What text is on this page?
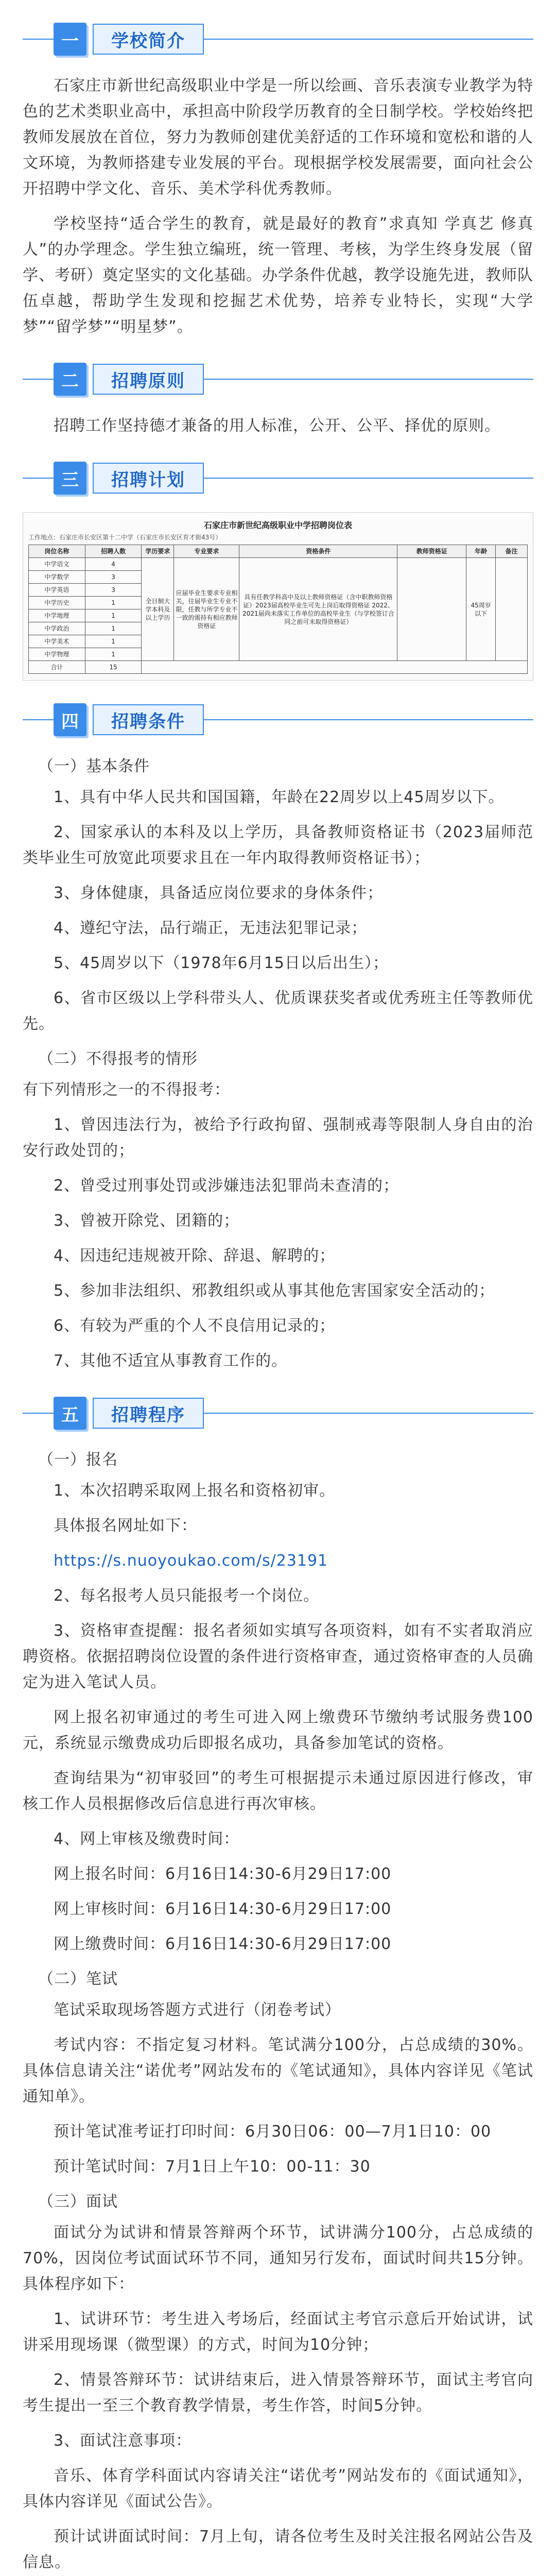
一	学校简介

石家庄市新世纪高级职业中学是一所以绘画、音乐表演专业教学为特色的艺术类职业高中，承担高中阶段学历教育的全日制学校。学校始终把教师发展放在首位，努力为教师创建优美舒适的工作环境和宽松和谐的人文环境，为教师搭建专业发展的平台。现根据学校发展需要，面向社会公开招聘中学文化、音乐、美术学科优秀教师。

学校坚持“适合学生的教育，就是最好的教育”求真知 学真艺 修真人”的办学理念。学生独立编班，统一管理、考核，为学生终身发展（留学、考研）奠定坚实的文化基础。办学条件优越，教学设施先进，教师队伍卓越，帮助学生发现和挖掘艺术优势，培养专业特长，实现“大学梦”“留学梦”“明星梦”。

二	招聘原则

招聘工作坚持德才兼备的用人标准，公开、公平、择优的原则。

三	招聘计划
石家庄市新世纪高级职业中学招聘岗位表
工作地点：石家庄市长安区第十二中学（石家庄市长安区育才街43号）
岗位名称	招聘人数	学历要求	专业要求	资格条件	教师资格证	年龄	备注
中学语文	4	全日制大学本科及以上学历	应届毕业生要求专业相关，往届毕业生专业不限，任教与所学专业不一致的需持有相应教师资格证	具有任教学科高中及以上教师资格证（含中职教师资格证）2023届高校毕业生可先上岗后取得资格证 2022、2021届尚未落实工作单位的高校毕业生（与学校签订合同之前可未取得资格证）		45周岁以下	
中学数学	3						
中学英语	3						
中学历史	1						
中学地理	1						
中学政治	1						
中学美术	1						
中学物理	1						
合计	15						
四	招聘条件

（一）基本条件

1、具有中华人民共和国国籍，年龄在22周岁以上45周岁以下。

2、国家承认的本科及以上学历，具备教师资格证书（2023届师范类毕业生可放宽此项要求且在一年内取得教师资格证书）；

3、身体健康，具备适应岗位要求的身体条件；

4、遵纪守法，品行端正，无违法犯罪记录；

5、45周岁以下（1978年6月15日以后出生）；

6、省市区级以上学科带头人、优质课获奖者或优秀班主任等教师优先。

（二）不得报考的情形

有下列情形之一的不得报考：

1、曾因违法行为，被给予行政拘留、强制戒毒等限制人身自由的治安行政处罚的；

2、曾受过刑事处罚或涉嫌违法犯罪尚未查清的；

3、曾被开除党、团籍的；

4、因违纪违规被开除、辞退、解聘的；

5、参加非法组织、邪教组织或从事其他危害国家安全活动的；

6、有较为严重的个人不良信用记录的；

7、其他不适宜从事教育工作的。

五	招聘程序

（一）报名

1、本次招聘采取网上报名和资格初审。

具体报名网址如下：

https://s.nuoyoukao.com/s/23191

2、每名报考人员只能报考一个岗位。

3、资格审查提醒：报名者须如实填写各项资料，如有不实者取消应聘资格。依据招聘岗位设置的条件进行资格审查，通过资格审查的人员确定为进入笔试人员。

网上报名初审通过的考生可进入网上缴费环节缴纳考试服务费100元，系统显示缴费成功后即报名成功，具备参加笔试的资格。

查询结果为“初审驳回”的考生可根据提示未通过原因进行修改，审核工作人员根据修改后信息进行再次审核。

4、网上审核及缴费时间：

网上报名时间：6月16日14:30-6月29日17:00

网上审核时间：6月16日14:30-6月29日17:00

网上缴费时间：6月16日14:30-6月29日17:00

（二）笔试

笔试采取现场答题方式进行（闭卷考试）

考试内容：不指定复习材料。笔试满分100分，占总成绩的30%。具体信息请关注“诺优考”网站发布的《笔试通知》，具体内容详见《笔试通知单》。

预计笔试准考证打印时间：6月30日06：00—7月1日10：00

预计笔试时间：7月1日上午10：00-11：30

（三）面试

面试分为试讲和情景答辩两个环节，试讲满分100分，占总成绩的70%，因岗位考试面试环节不同，通知另行发布，面试时间共15分钟。具体程序如下：

1、试讲环节：考生进入考场后，经面试主考官示意后开始试讲，试讲采用现场课（微型课）的方式，时间为10分钟；

2、情景答辩环节：试讲结束后，进入情景答辩环节，面试主考官向考生提出一至三个教育教学情景，考生作答，时间5分钟。

3、面试注意事项：

音乐、体育学科面试内容请关注“诺优考”网站发布的《面试通知》，具体内容详见《面试公告》。

预计试讲面试时间：7月上旬，请各位考生及时关注报名网站公告及信息。
